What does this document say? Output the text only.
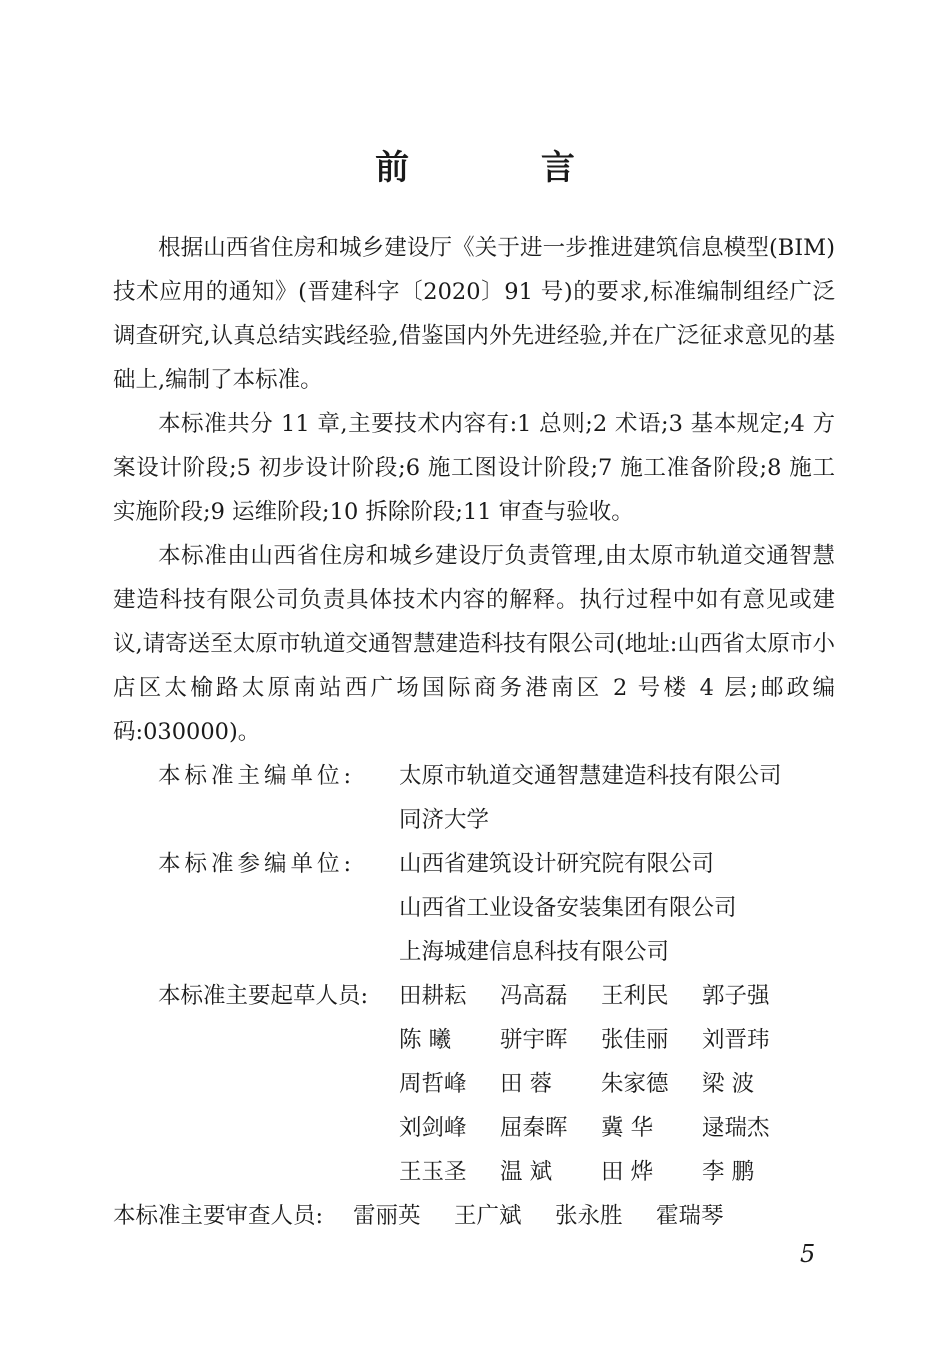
前 言

根据山西省住房和城乡建设厅《关于进一步推进建筑信息模型(BIM)技术应用的通知》(晋建科字〔2020〕91 号)的要求,标准编制组经广泛调查研究,认真总结实践经验,借鉴国内外先进经验,并在广泛征求意见的基础上,编制了本标准。

本标准共分 11 章,主要技术内容有:1 总则;2 术语;3 基本规定;4 方案设计阶段;5 初步设计阶段;6 施工图设计阶段;7 施工准备阶段;8 施工实施阶段;9 运维阶段;10 拆除阶段;11 审查与验收。

本标准由山西省住房和城乡建设厅负责管理,由太原市轨道交通智慧建造科技有限公司负责具体技术内容的解释。执行过程中如有意见或建议,请寄送至太原市轨道交通智慧建造科技有限公司(地址:山西省太原市小店区太榆路太原南站西广场国际商务港南区 2 号楼 4 层;邮政编码:030000)。

本标准主编单位:	太原市轨道交通智慧建造科技有限公司
同济大学
本标准参编单位:	山西省建筑设计研究院有限公司
山西省工业设备安装集团有限公司
上海城建信息科技有限公司
本标准主要起草人员:	田耕耘	冯高磊	王利民	郭子强
陈 曦	骈宇晖	张佳丽	刘晋玮
周哲峰	田 蓉	朱家德	梁 波
刘剑峰	屈秦晖	冀 华	逯瑞杰
王玉圣	温 斌	田 烨	李 鹏
本标准主要审查人员:	雷丽英	王广斌	张永胜	霍瑞琴
5
